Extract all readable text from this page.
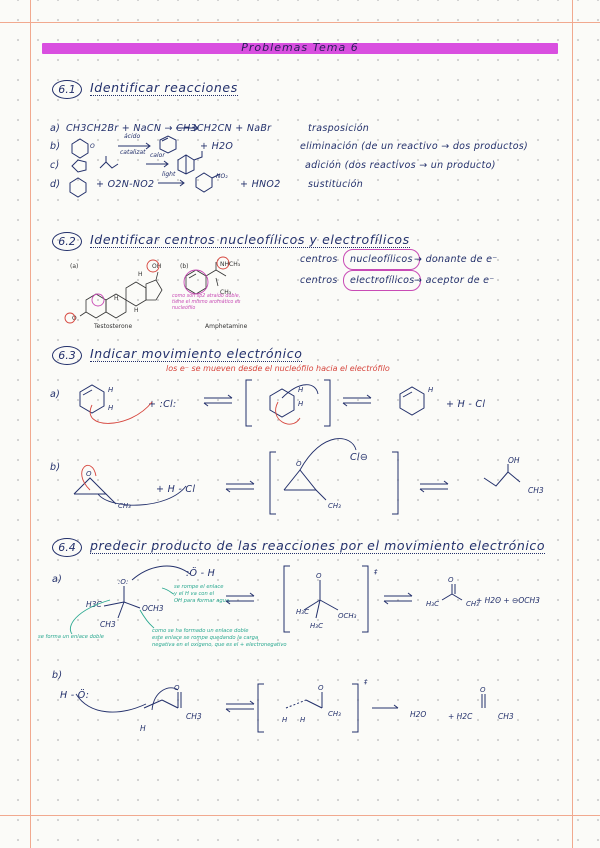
Problemas Tema 6
6.1	Identificar reacciones
a) CH3CH2Br + NaCN → CH3CH2CN + NaBr	trasposición
b)
ácido
catalizat
+ H2O	eliminación (de un reactivo → dos productos)
c)
calor
adición (dos reactivos → un producto)
d)	+ O2N-NO2
light
+ HNO2	sustitución
O
NO₂
6.2	Identificar centros nucleofílicos y electrofílicos
(a)	(b)
Testosterone	Amphetamine
como son sp2 atraído doble,
tiene el mismo aromático es
nucleófilo
OH	NHCH₃
CH₃
O
H
H
H
centros	nucleofílicos → donante de e⁻
centros	electrofílicos → aceptor de e⁻
6.3	Indicar movimiento electrónico
los e⁻ se mueven desde el nucleófilo hacia el electrófilo
a)
+ :Cl:	+ H - Cl
b)
+ H - Cl
Cl⊖	OH
CH3
H
H
H
H
H
O
O
CH₃
CH₃
6.4	predecir producto de las reacciones por el movimiento electrónico
a)
:Ö - H
se rompe el enlace
y el H va con el
OH para formar agua.
se forma un enlace doble
como se ha formado un enlace doble
este enlace se rompe quedando la carga
negativa en el oxígeno, que es el + electronegativo
H3C
CH3
OCH3
+ H2O + ⊖OCH3
b)
H - Ö:
CH3
H
H2O	+ H2C	CH3
:O:
O
H₃C	OCH₃
H₃C
H₃C	CH₃
O
O	O
CH₃
H H
O
‡
‡
